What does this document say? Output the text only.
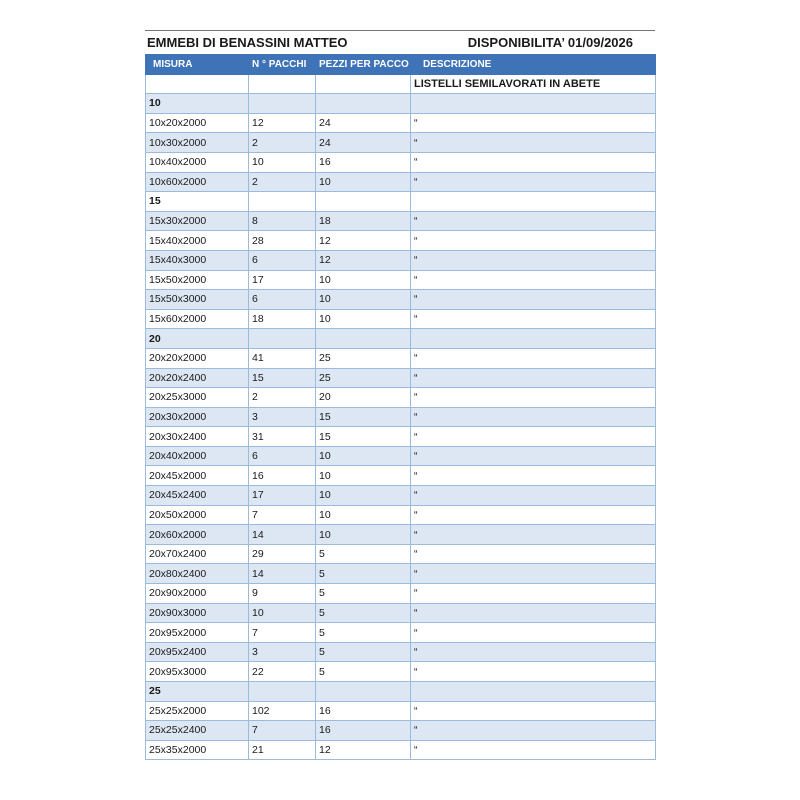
EMMEBI DI BENASSINI MATTEO	DISPONIBILITA’ 01/09/2026
MISURA	N ° PACCHI	PEZZI PER PACCO	DESCRIZIONE
			LISTELLI SEMILAVORATI IN ABETE
10			
10x20x2000	12	24	“
10x30x2000	2	24	“
10x40x2000	10	16	“
10x60x2000	2	10	“
15			
15x30x2000	8	18	“
15x40x2000	28	12	“
15x40x3000	6	12	“
15x50x2000	17	10	“
15x50x3000	6	10	“
15x60x2000	18	10	“
20			
20x20x2000	41	25	“
20x20x2400	15	25	“
20x25x3000	2	20	“
20x30x2000	3	15	“
20x30x2400	31	15	“
20x40x2000	6	10	“
20x45x2000	16	10	“
20x45x2400	17	10	“
20x50x2000	7	10	“
20x60x2000	14	10	“
20x70x2400	29	5	“
20x80x2400	14	5	“
20x90x2000	9	5	“
20x90x3000	10	5	“
20x95x2000	7	5	“
20x95x2400	3	5	“
20x95x3000	22	5	“
25			
25x25x2000	102	16	“
25x25x2400	7	16	“
25x35x2000	21	12	“
